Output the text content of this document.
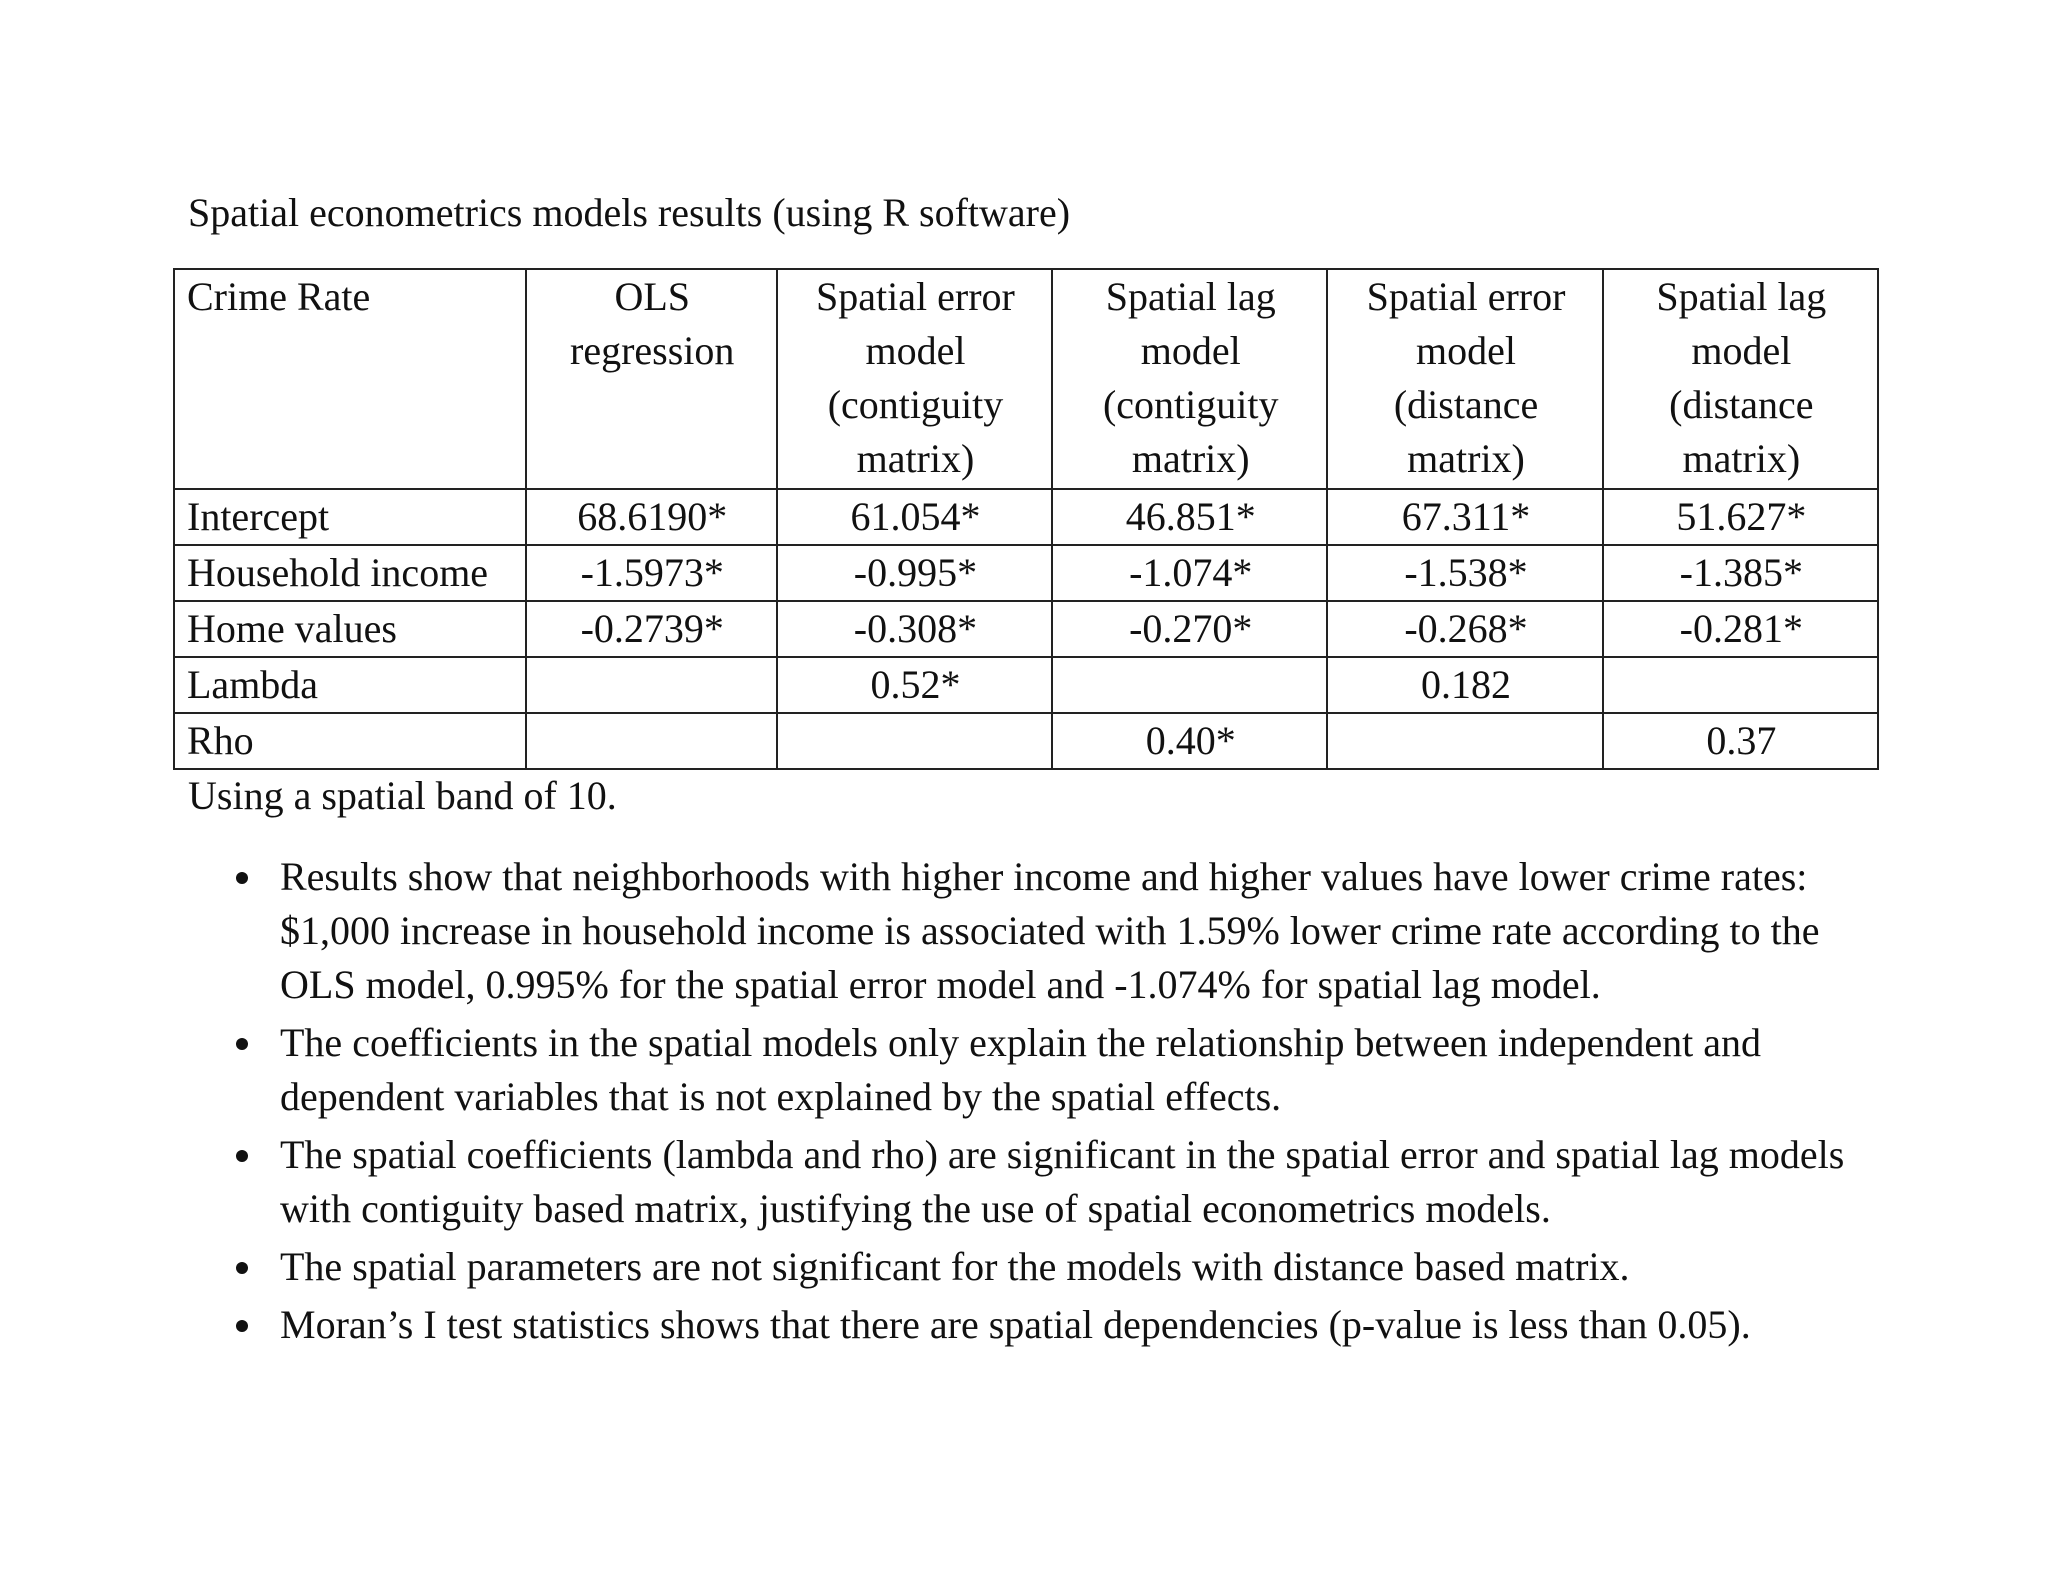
Spatial econometrics models results (using R software)
Crime Rate	OLS regression	Spatial error model (contiguity matrix)	Spatial lag model (contiguity matrix)	Spatial error model (distance matrix)	Spatial lag model (distance matrix)
Intercept	68.6190*	61.054*	46.851*	67.311*	51.627*
Household income	-1.5973*	-0.995*	-1.074*	-1.538*	-1.385*
Home values	-0.2739*	-0.308*	-0.270*	-0.268*	-0.281*
Lambda		0.52*		0.182	
Rho			0.40*		0.37
Using a spatial band of 10.
Results show that neighborhoods with higher income and higher values have lower crime rates: $1,000 increase in household income is associated with 1.59% lower crime rate according to the OLS model, 0.995% for the spatial error model and -1.074% for spatial lag model.
The coefficients in the spatial models only explain the relationship between independent and dependent variables that is not explained by the spatial effects.
The spatial coefficients (lambda and rho) are significant in the spatial error and spatial lag models with contiguity based matrix, justifying the use of spatial econometrics models.
The spatial parameters are not significant for the models with distance based matrix.
Moran’s I test statistics shows that there are spatial dependencies (p-value is less than 0.05).
